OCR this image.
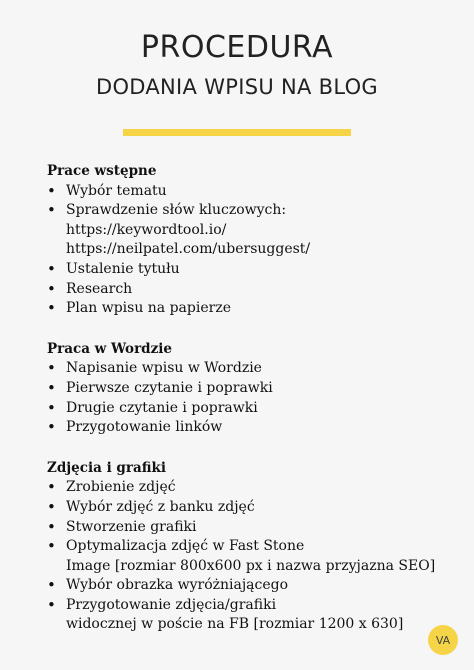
PROCEDURA
DODANIA WPISU NA BLOG
Prace wstępne
• Wybór tematu
• Sprawdzenie słów kluczowych:
https://keywordtool.io/
https://neilpatel.com/ubersuggest/
• Ustalenie tytułu
• Research
• Plan wpisu na papierze
Praca w Wordzie
• Napisanie wpisu w Wordzie
• Pierwsze czytanie i poprawki
• Drugie czytanie i poprawki
• Przygotowanie linków
Zdjęcia i grafiki
• Zrobienie zdjęć
• Wybór zdjęć z banku zdjęć
• Stworzenie grafiki
• Optymalizacja zdjęć w Fast Stone
Image [rozmiar 800x600 px i nazwa przyjazna SEO]
• Wybór obrazka wyróżniającego
• Przygotowanie zdjęcia/grafiki
widocznej w poście na FB [rozmiar 1200 x 630]
VA
